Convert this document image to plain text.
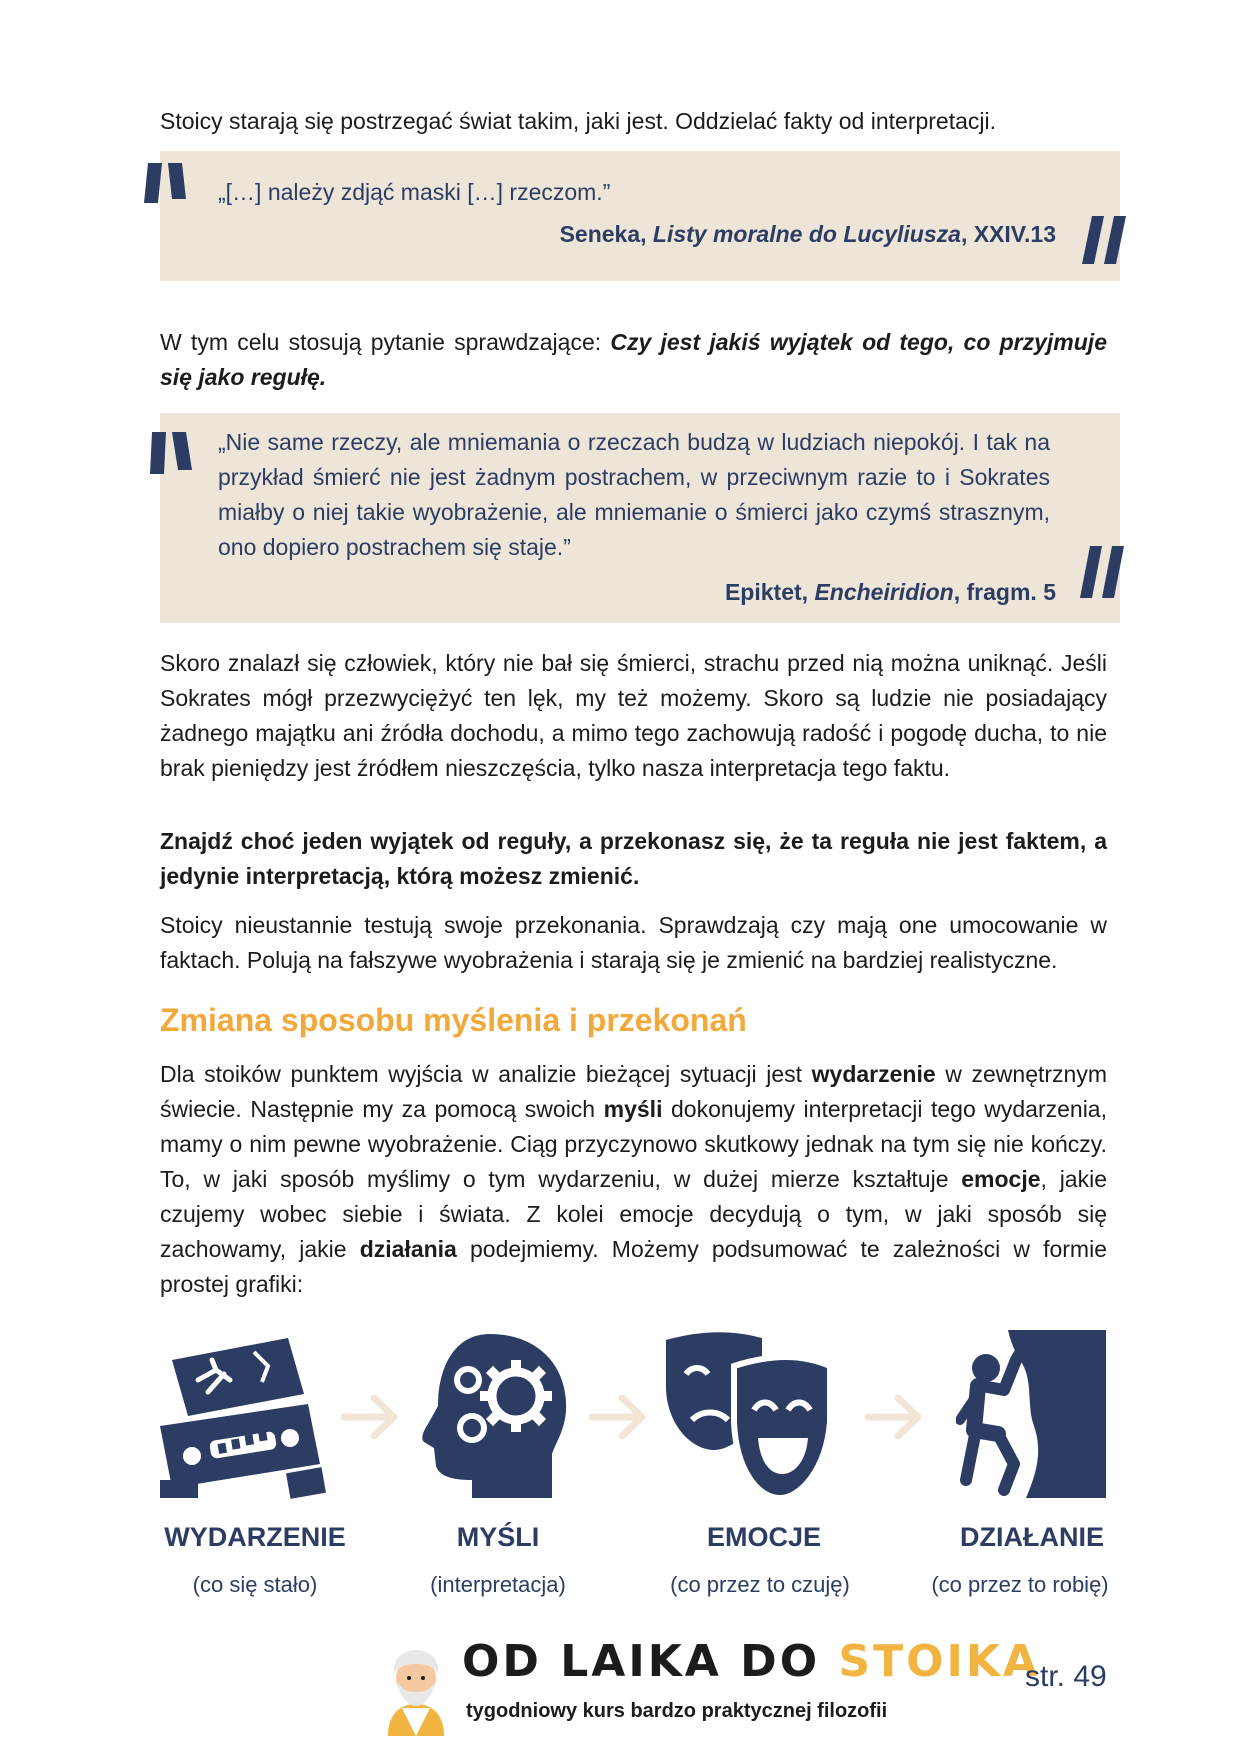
Stoicy starają się postrzegać świat takim, jaki jest. Oddzielać fakty od interpretacji.
„[…] należy zdjąć maski […] rzeczom.”
Seneka, Listy moralne do Lucyliusza, XXIV.13
W tym celu stosują pytanie sprawdzające: Czy jest jakiś wyjątek od tego, co przyjmuje się jako regułę.
„Nie same rzeczy, ale mniemania o rzeczach budzą w ludziach niepokój. I tak na przykład śmierć nie jest żadnym postrachem, w przeciwnym razie to i Sokrates miałby o niej takie wyobrażenie, ale mniemanie o śmierci jako czymś strasznym, ono dopiero postrachem się staje.”
Epiktet, Encheiridion, fragm. 5
Skoro znalazł się człowiek, który nie bał się śmierci, strachu przed nią można uniknąć. Jeśli Sokrates mógł przezwyciężyć ten lęk, my też możemy. Skoro są ludzie nie posiadający żadnego majątku ani źródła dochodu, a mimo tego zachowują radość i pogodę ducha, to nie brak pieniędzy jest źródłem nieszczęścia, tylko nasza interpretacja tego faktu.
Znajdź choć jeden wyjątek od reguły, a przekonasz się, że ta reguła nie jest faktem, a jedynie interpretacją, którą możesz zmienić.
Stoicy nieustannie testują swoje przekonania. Sprawdzają czy mają one umocowanie w faktach. Polują na fałszywe wyobrażenia i starają się je zmienić na bardziej realistyczne.
Zmiana sposobu myślenia i przekonań
Dla stoików punktem wyjścia w analizie bieżącej sytuacji jest wydarzenie w zewnętrznym świecie. Następnie my za pomocą swoich myśli dokonujemy interpretacji tego wydarzenia, mamy o nim pewne wyobrażenie. Ciąg przyczynowo skutkowy jednak na tym się nie kończy. To, w jaki sposób myślimy o tym wydarzeniu, w dużej mierze kształtuje emocje, jakie czujemy wobec siebie i świata. Z kolei emocje decydują o tym, w jaki sposób się zachowamy, jakie działania podejmiemy. Możemy podsumować te zależności w formie prostej grafiki:
WYDARZENIE
(co się stało)
MYŚLI
(interpretacja)
EMOCJE
(co przez to czuję)
DZIAŁANIE
(co przez to robię)
OD LAIKA DO STOIKA
tygodniowy kurs bardzo praktycznej filozofii
str. 49
